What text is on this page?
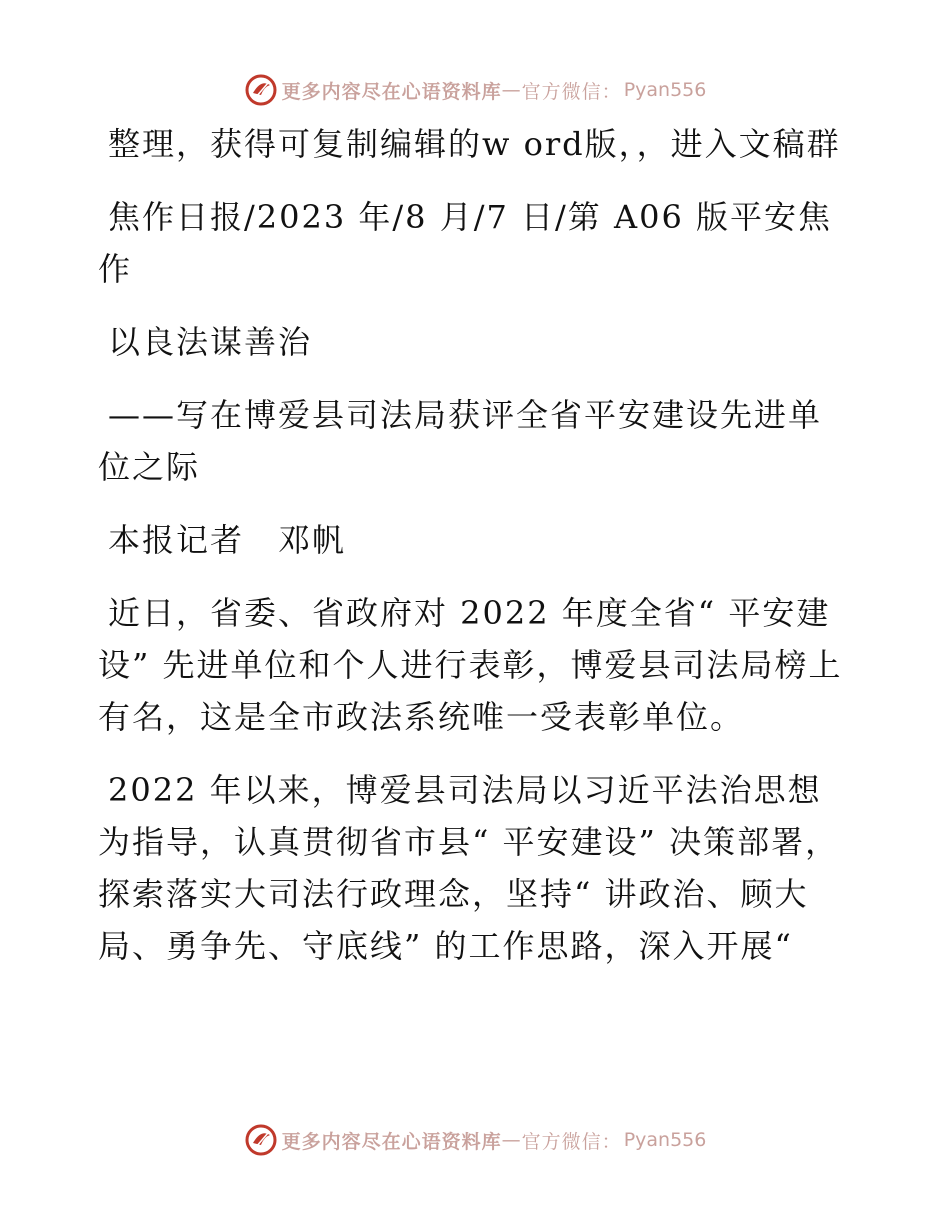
更多内容尽在心语资料库 — 官方微信： Pyan556

整理，获得可复制编辑的w ord版，，进入文稿群

焦作日报/2023 年/8 月/7 日/第 A06 版平安焦作

以良法谋善治

——写在博爱县司法局获评全省平安建设先进单位之际

本报记者　邓帆

近日，省委、省政府对 2022 年度全省“ 平安建设” 先进单位和个人进行表彰，博爱县司法局榜上有名，这是全市政法系统唯一受表彰单位。

2022 年以来，博爱县司法局以习近平法治思想为指导，认真贯彻省市县“ 平安建设” 决策部署，探索落实大司法行政理念，坚持“ 讲政治、顾大局、勇争先、守底线” 的工作思路，深入开展“

更多内容尽在心语资料库 — 官方微信： Pyan556
